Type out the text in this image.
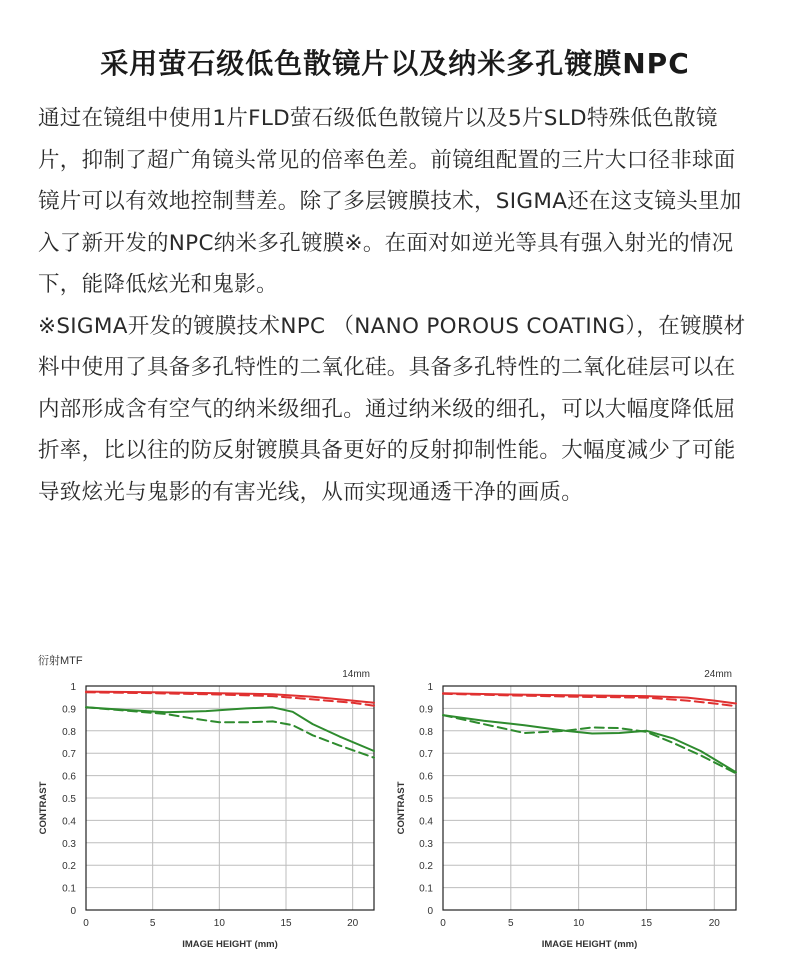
采用萤石级低色散镜片以及纳米多孔镀膜NPC

通过在镜组中使用1片FLD萤石级低色散镜片以及5片SLD特殊低色散镜片，抑制了超广角镜头常见的倍率色差。前镜组配置的三片大口径非球面镜片可以有效地控制彗差。除了多层镀膜技术，SIGMA还在这支镜头里加入了新开发的NPC纳米多孔镀膜※。在面对如逆光等具有强入射光的情况下，能降低炫光和鬼影。

※SIGMA开发的镀膜技术NPC （NANO POROUS COATING），在镀膜材料中使用了具备多孔特性的二氧化硅。具备多孔特性的二氧化硅层可以在内部形成含有空气的纳米级细孔。通过纳米级的细孔，可以大幅度降低屈折率，比以往的防反射镀膜具备更好的反射抑制性能。大幅度减少了可能导致炫光与鬼影的有害光线，从而实现通透干净的画质。

衍射MTF
0
0.1
0.2
0.3
0.4
0.5
0.6
0.7
0.8
0.9
1
0	5	10	15	20
14mm
IMAGE HEIGHT (mm)
CONTRAST
0
0.1
0.2
0.3
0.4
0.5
0.6
0.7
0.8
0.9
1
0	5	10	15	20
24mm
IMAGE HEIGHT (mm)
CONTRAST
